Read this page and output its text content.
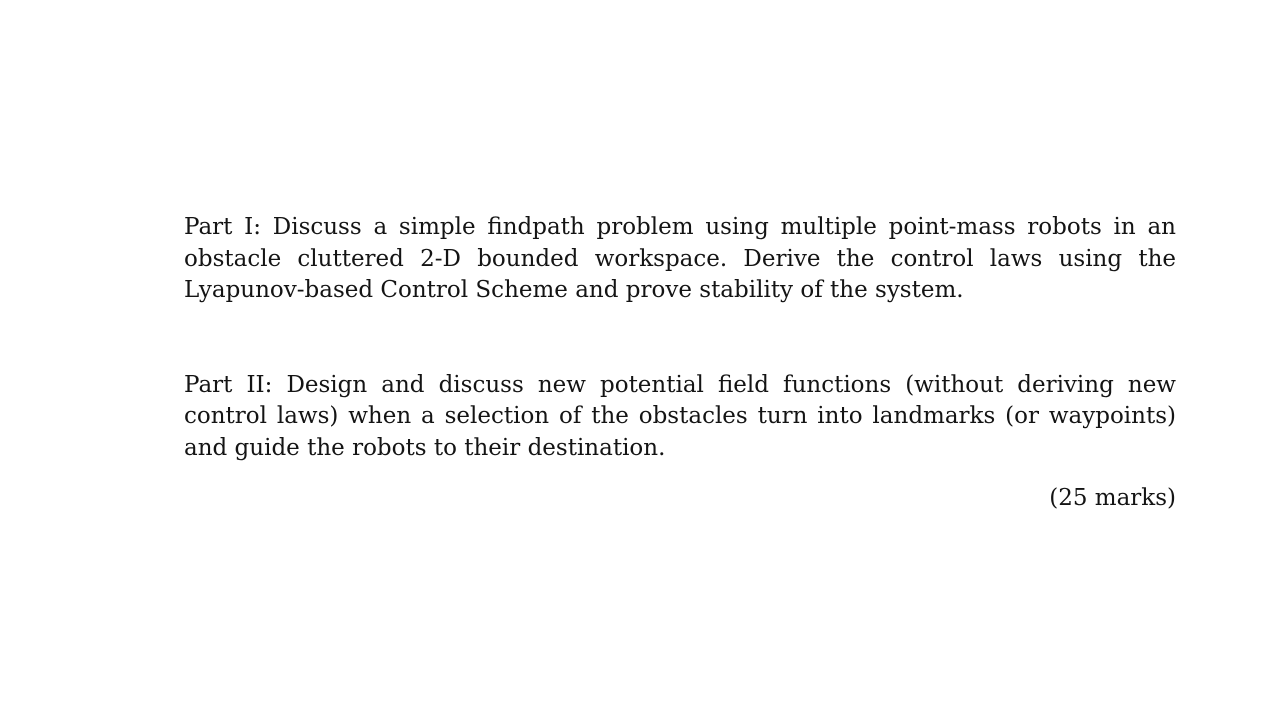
Part I: Discuss a simple findpath problem using multiple point-mass robots in an obstacle cluttered 2-D bounded workspace. Derive the control laws using the Lyapunov-based Control Scheme and prove stability of the system.

Part II: Design and discuss new potential field functions (without deriving new control laws) when a selection of the obstacles turn into landmarks (or waypoints) and guide the robots to their destination.

(25 marks)
